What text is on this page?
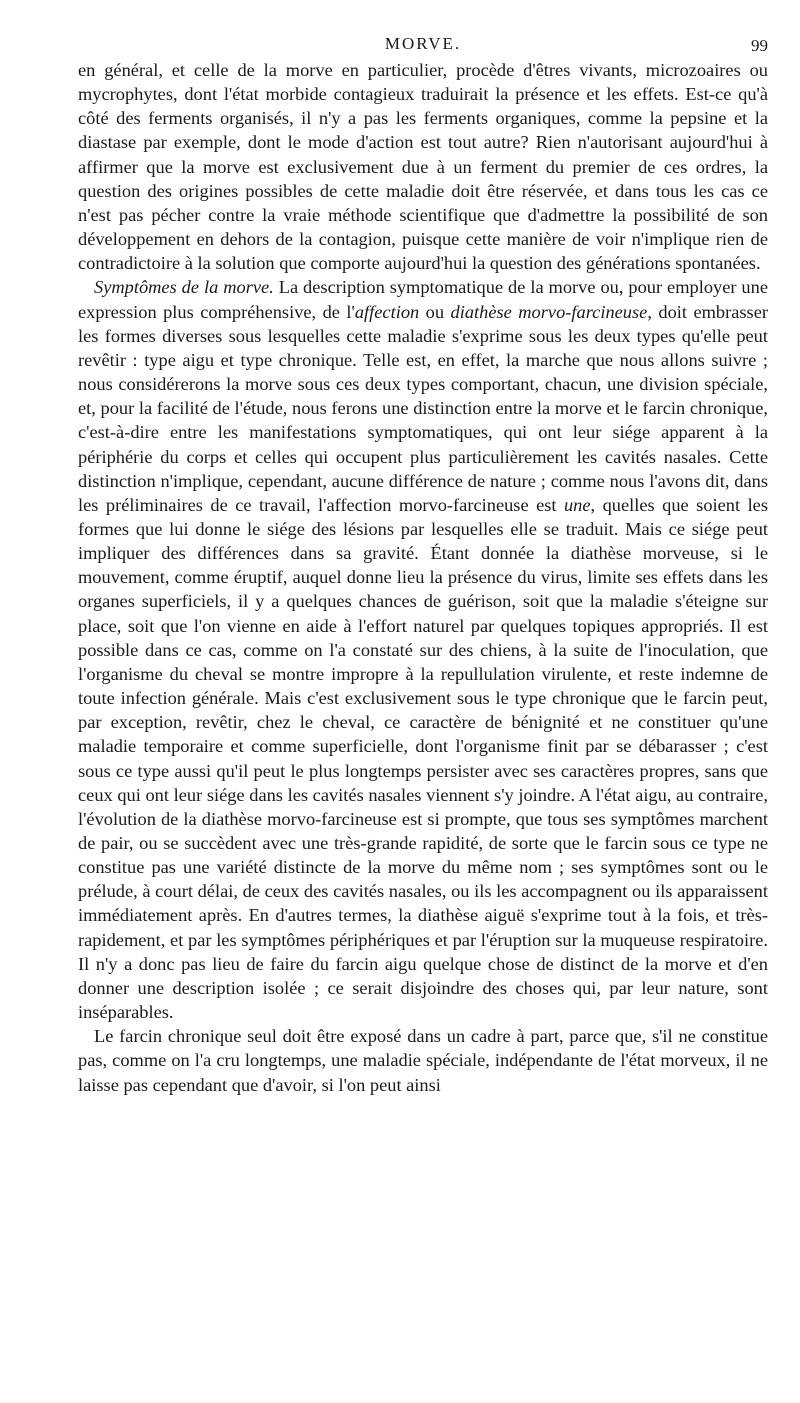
MORVE.	99

en général, et celle de la morve en particulier, procède d'êtres vivants, microzoaires ou mycrophytes, dont l'état morbide contagieux traduirait la présence et les effets. Est-ce qu'à côté des ferments organisés, il n'y a pas les ferments organiques, comme la pepsine et la diastase par exemple, dont le mode d'action est tout autre? Rien n'autorisant aujourd'hui à affirmer que la morve est exclusivement due à un ferment du premier de ces ordres, la question des origines possibles de cette maladie doit être réservée, et dans tous les cas ce n'est pas pécher contre la vraie méthode scientifique que d'admettre la possibilité de son développement en dehors de la contagion, puisque cette manière de voir n'implique rien de contradictoire à la solution que comporte aujourd'hui la question des générations spontanées.

Symptômes de la morve. La description symptomatique de la morve ou, pour employer une expression plus compréhensive, de l'affection ou diathèse morvo-farcineuse, doit embrasser les formes diverses sous lesquelles cette maladie s'exprime sous les deux types qu'elle peut revêtir : type aigu et type chronique. Telle est, en effet, la marche que nous allons suivre ; nous considérerons la morve sous ces deux types comportant, chacun, une division spéciale, et, pour la facilité de l'étude, nous ferons une distinction entre la morve et le farcin chronique, c'est-à-dire entre les manifestations symptomatiques, qui ont leur siége apparent à la périphérie du corps et celles qui occupent plus particulièrement les cavités nasales. Cette distinction n'implique, cependant, aucune différence de nature ; comme nous l'avons dit, dans les préliminaires de ce travail, l'affection morvo-farcineuse est une, quelles que soient les formes que lui donne le siége des lésions par lesquelles elle se traduit. Mais ce siége peut impliquer des différences dans sa gravité. Étant donnée la diathèse morveuse, si le mouvement, comme éruptif, auquel donne lieu la présence du virus, limite ses effets dans les organes superficiels, il y a quelques chances de guérison, soit que la maladie s'éteigne sur place, soit que l'on vienne en aide à l'effort naturel par quelques topiques appropriés. Il est possible dans ce cas, comme on l'a constaté sur des chiens, à la suite de l'inoculation, que l'organisme du cheval se montre impropre à la repullulation virulente, et reste indemne de toute infection générale. Mais c'est exclusivement sous le type chronique que le farcin peut, par exception, revêtir, chez le cheval, ce caractère de bénignité et ne constituer qu'une maladie temporaire et comme superficielle, dont l'organisme finit par se débarasser ; c'est sous ce type aussi qu'il peut le plus longtemps persister avec ses caractères propres, sans que ceux qui ont leur siége dans les cavités nasales viennent s'y joindre. A l'état aigu, au contraire, l'évolution de la diathèse morvo-farcineuse est si prompte, que tous ses symptômes marchent de pair, ou se succèdent avec une très-grande rapidité, de sorte que le farcin sous ce type ne constitue pas une variété distincte de la morve du même nom ; ses symptômes sont ou le prélude, à court délai, de ceux des cavités nasales, ou ils les accompagnent ou ils apparaissent immédiatement après. En d'autres termes, la diathèse aiguë s'exprime tout à la fois, et très-rapidement, et par les symptômes périphériques et par l'éruption sur la muqueuse respiratoire. Il n'y a donc pas lieu de faire du farcin aigu quelque chose de distinct de la morve et d'en donner une description isolée ; ce serait disjoindre des choses qui, par leur nature, sont inséparables.

Le farcin chronique seul doit être exposé dans un cadre à part, parce que, s'il ne constitue pas, comme on l'a cru longtemps, une maladie spéciale, indépendante de l'état morveux, il ne laisse pas cependant que d'avoir, si l'on peut ainsi
